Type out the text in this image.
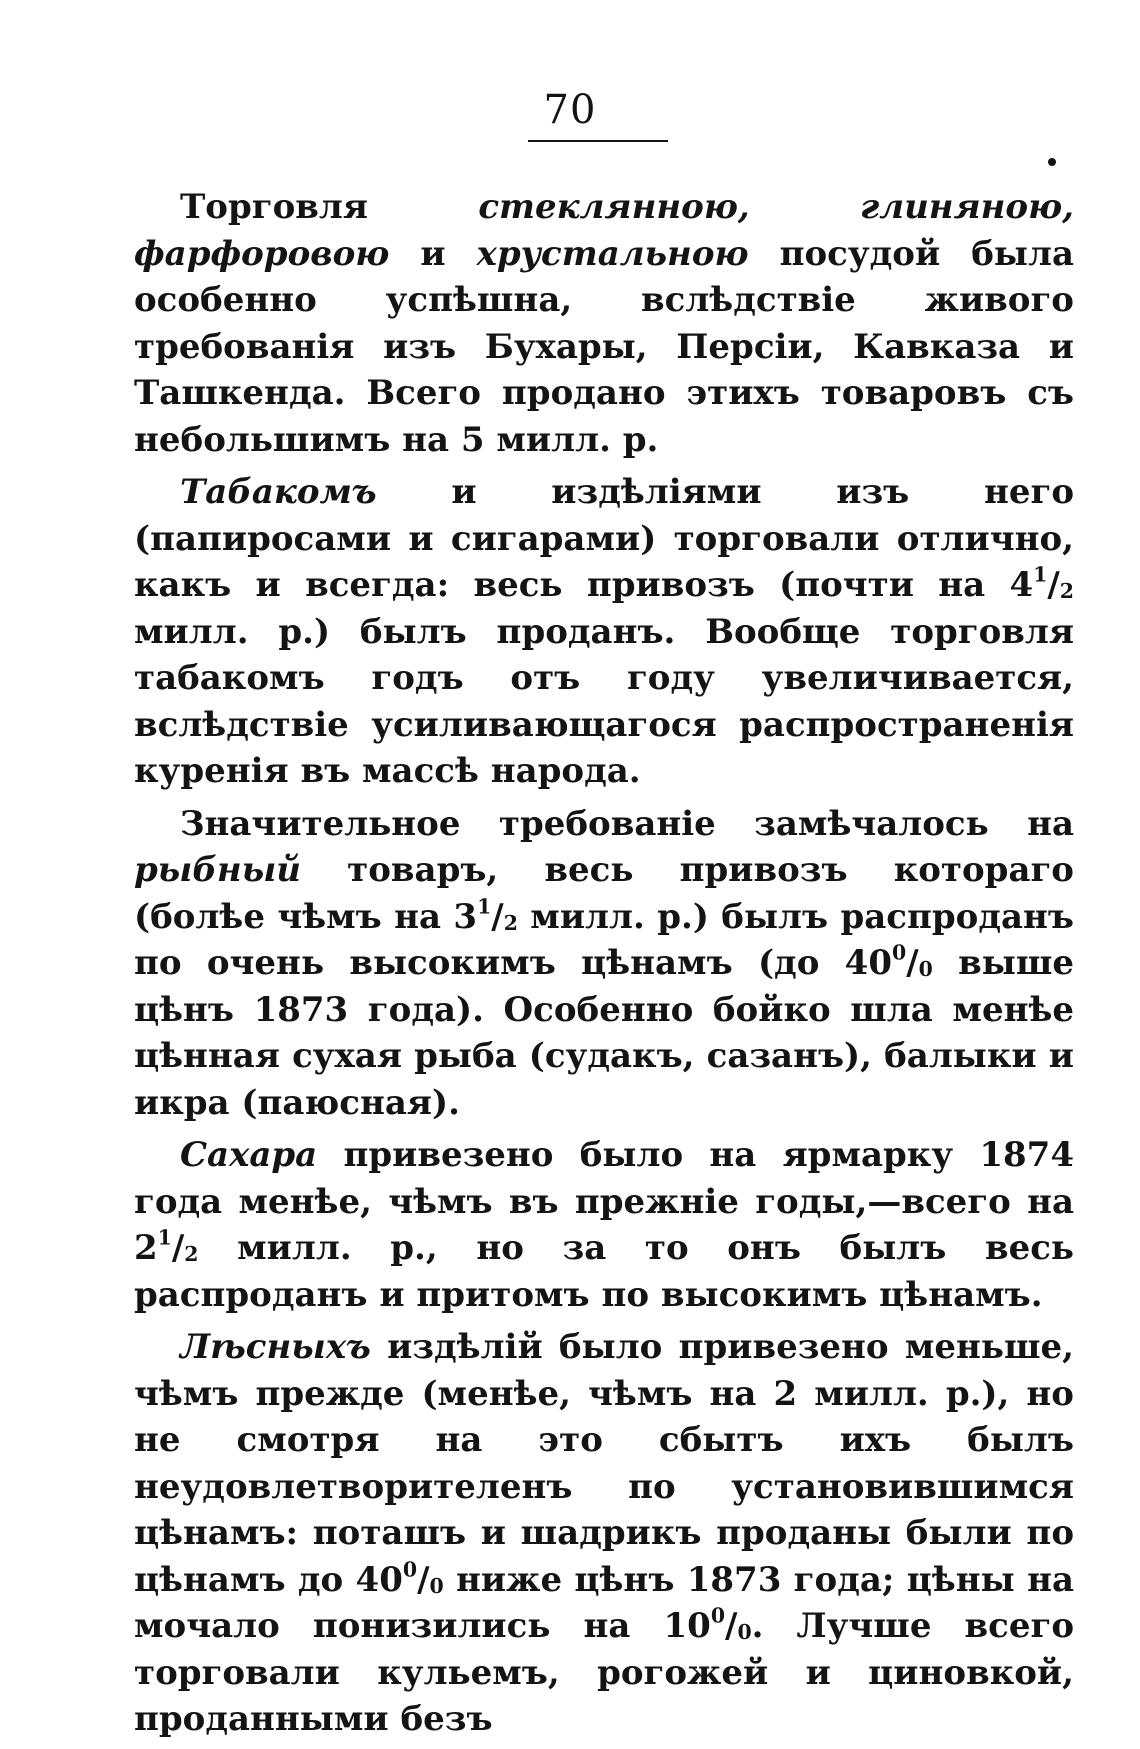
70

Торговля стеклянною, глиняною, фарфоровою и хрустальною посудой была особенно успѣшна, вслѣдствіе живого требованія изъ Бухары, Персіи, Кавказа и Ташкенда. Всего продано этихъ товаровъ съ небольшимъ на 5 милл. р.

Табакомъ и издѣліями изъ него (папиросами и сигарами) торговали отлично, какъ и всегда: весь привозъ (почти на $4^1/_2$ милл. р.) былъ проданъ. Вообще торговля табакомъ годъ отъ году увеличивается, вслѣдствіе усиливающагося распространенія куренія въ массѣ народа.

Значительное требованіе замѣчалось на рыбный товаръ, весь привозъ котораго (болѣе чѣмъ на $3^1/_2$ милл. р.) былъ распроданъ по очень высокимъ цѣнамъ (до $40^0/_0$ выше цѣнъ 1873 года). Особенно бойко шла менѣе цѣнная сухая рыба (судакъ, сазанъ), балыки и икра (паюсная).

Сахара привезено было на ярмарку 1874 года менѣе, чѣмъ въ прежніе годы,—всего на $2^1/_2$ милл. р., но за то онъ былъ весь распроданъ и притомъ по высокимъ цѣнамъ.

Лѣсныхъ издѣлій было привезено меньше, чѣмъ прежде (менѣе, чѣмъ на 2 милл. р.), но не смотря на это сбытъ ихъ былъ неудовлетворителенъ по установившимся цѣнамъ: поташъ и шадрикъ проданы были по цѣнамъ до $40^0/_0$ ниже цѣнъ 1873 года; цѣны на мочало понизились на $10^0/_0$. Лучше всего торговали кульемъ, рогожей и циновкой, проданными безъ
